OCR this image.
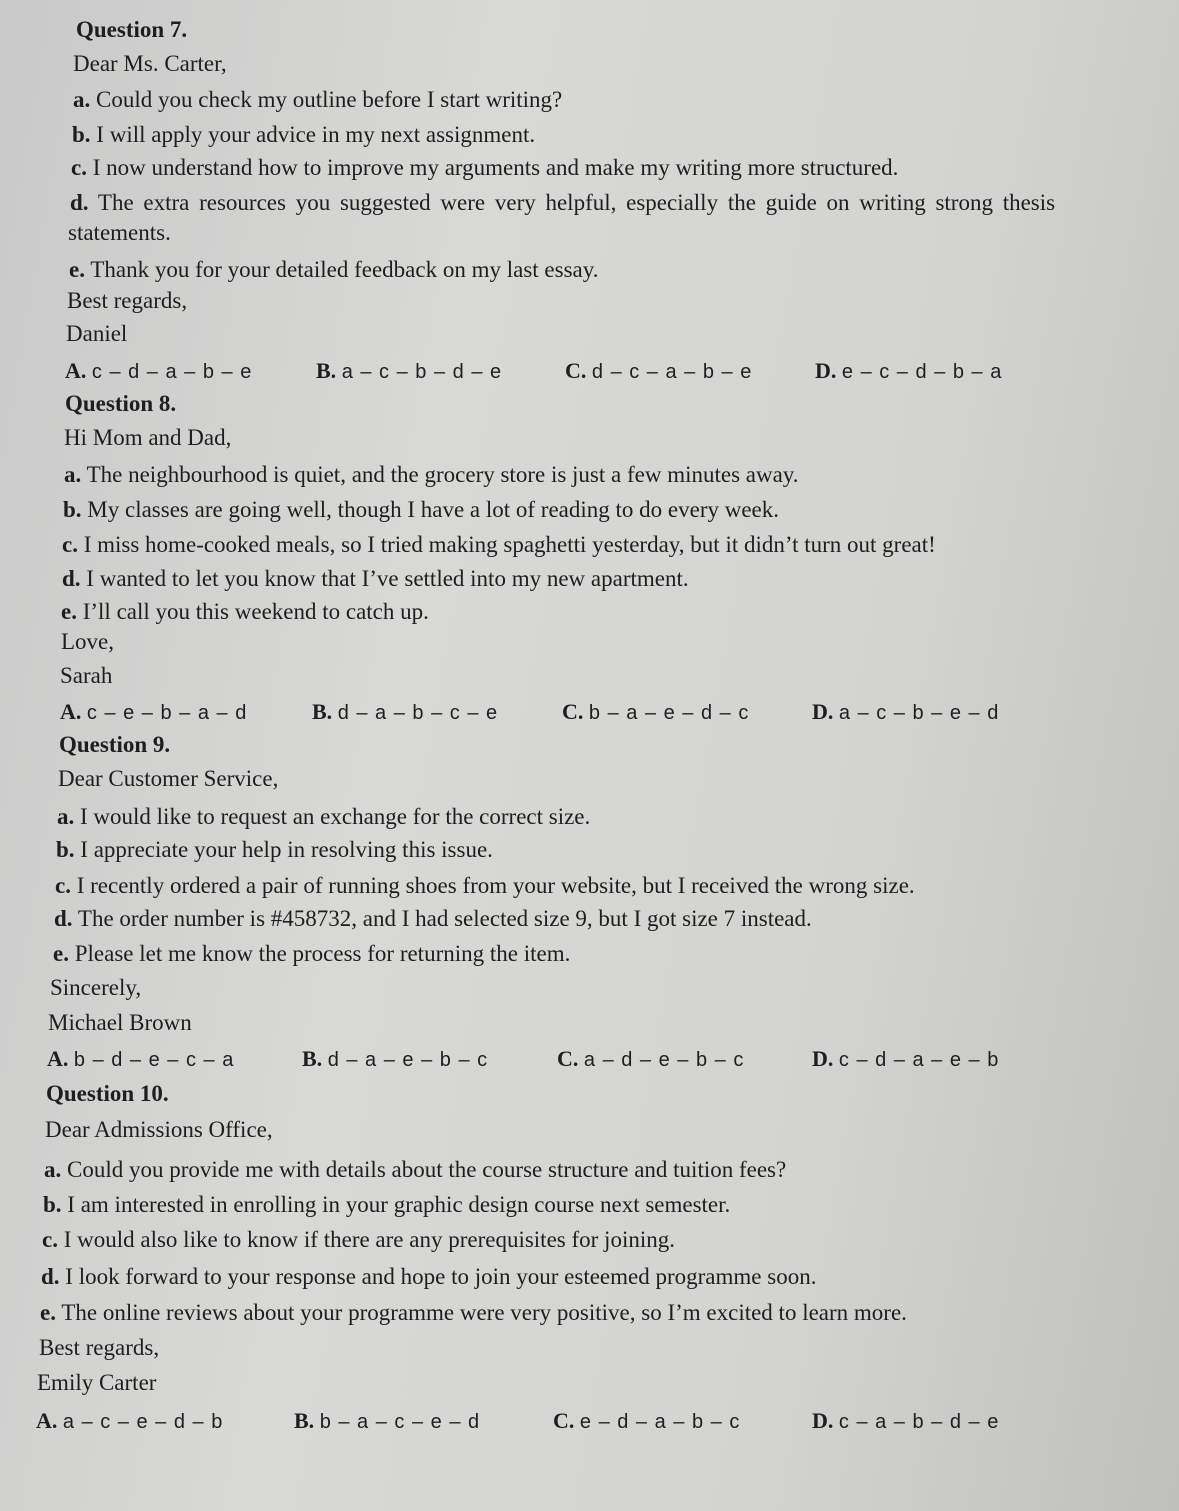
Question 7.
Dear Ms. Carter,
a. Could you check my outline before I start writing?
b. I will apply your advice in my next assignment.
c. I now understand how to improve my arguments and make my writing more structured.
d. The extra resources you suggested were very helpful, especially the guide on writing strong thesis
statements.
e. Thank you for your detailed feedback on my last essay.
Best regards,
Daniel
A. c – d – a – b – e	B. a – c – b – d – e	C. d – c – a – b – e	D. e – c – d – b – a
Question 8.
Hi Mom and Dad,
a. The neighbourhood is quiet, and the grocery store is just a few minutes away.
b. My classes are going well, though I have a lot of reading to do every week.
c. I miss home-cooked meals, so I tried making spaghetti yesterday, but it didn’t turn out great!
d. I wanted to let you know that I’ve settled into my new apartment.
e. I’ll call you this weekend to catch up.
Love,
Sarah
A. c – e – b – a – d	B. d – a – b – c – e	C. b – a – e – d – c	D. a – c – b – e – d
Question 9.
Dear Customer Service,
a. I would like to request an exchange for the correct size.
b. I appreciate your help in resolving this issue.
c. I recently ordered a pair of running shoes from your website, but I received the wrong size.
d. The order number is #458732, and I had selected size 9, but I got size 7 instead.
e. Please let me know the process for returning the item.
Sincerely,
Michael Brown
A. b – d – e – c – a	B. d – a – e – b – c	C. a – d – e – b – c	D. c – d – a – e – b
Question 10.
Dear Admissions Office,
a. Could you provide me with details about the course structure and tuition fees?
b. I am interested in enrolling in your graphic design course next semester.
c. I would also like to know if there are any prerequisites for joining.
d. I look forward to your response and hope to join your esteemed programme soon.
e. The online reviews about your programme were very positive, so I’m excited to learn more.
Best regards,
Emily Carter
A. a – c – e – d – b	B. b – a – c – e – d	C. e – d – a – b – c	D. c – a – b – d – e
